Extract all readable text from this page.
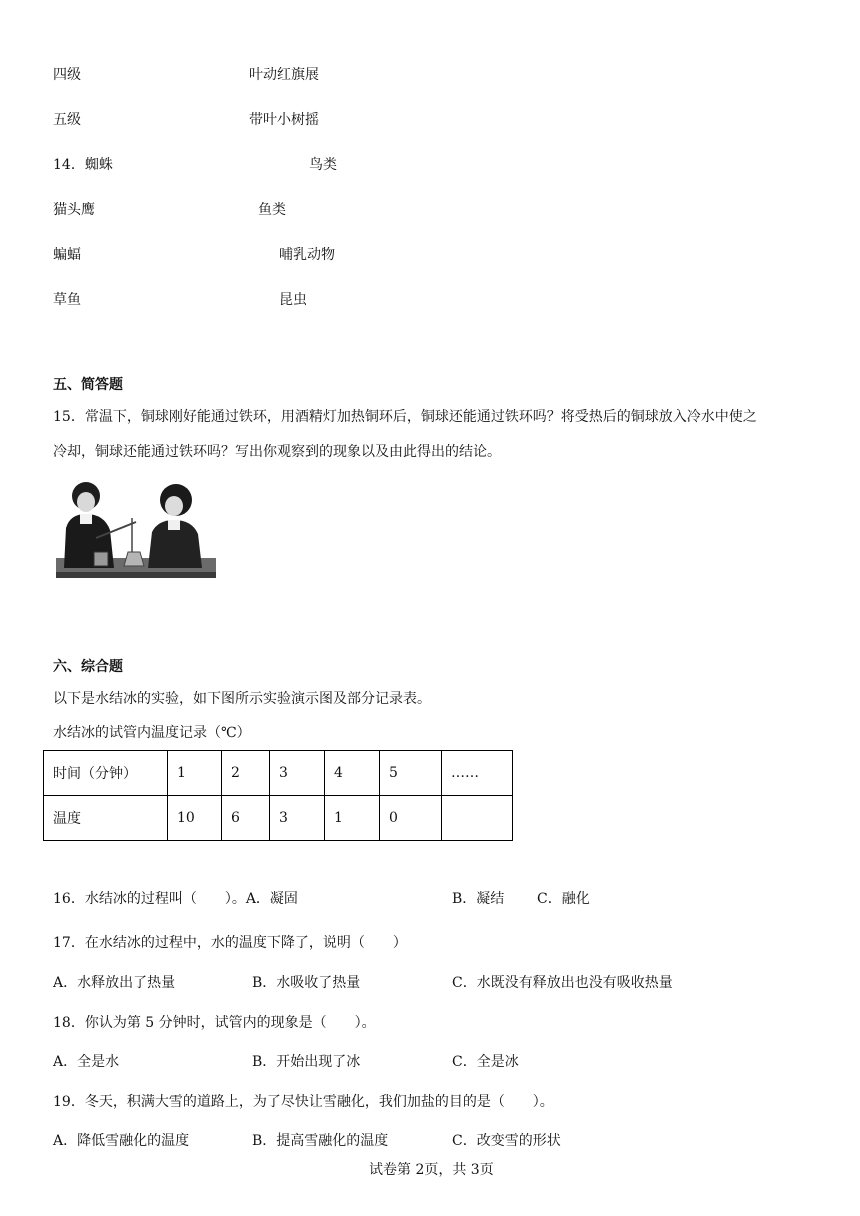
四级	叶动红旗展
五级	带叶小树摇
14．蜘蛛	鸟类
猫头鹰	鱼类
蝙蝠	哺乳动物
草鱼	昆虫
五、简答题
15．常温下，铜球刚好能通过铁环，用酒精灯加热铜环后，铜球还能通过铁环吗？将受热后的铜球放入冷水中使之
冷却，铜球还能通过铁环吗？写出你观察到的现象以及由此得出的结论。
六、综合题
以下是水结冰的实验，如下图所示实验演示图及部分记录表。
水结冰的试管内温度记录（℃）
时间（分钟）	1	2	3	4	5	……
温度	10	6	3	1	0	
16．水结冰的过程叫（　　）。A．凝固	B．凝结 C．融化
17．在水结冰的过程中，水的温度下降了，说明（　　）
A．水释放出了热量	B．水吸收了热量	C．水既没有释放出也没有吸收热量
18．你认为第 5 分钟时，试管内的现象是（　　）。
A．全是水	B．开始出现了冰	C．全是冰
19．冬天，积满大雪的道路上，为了尽快让雪融化，我们加盐的目的是（　　）。
A．降低雪融化的温度	B．提高雪融化的温度	C．改变雪的形状
试卷第 2页，共 3页
